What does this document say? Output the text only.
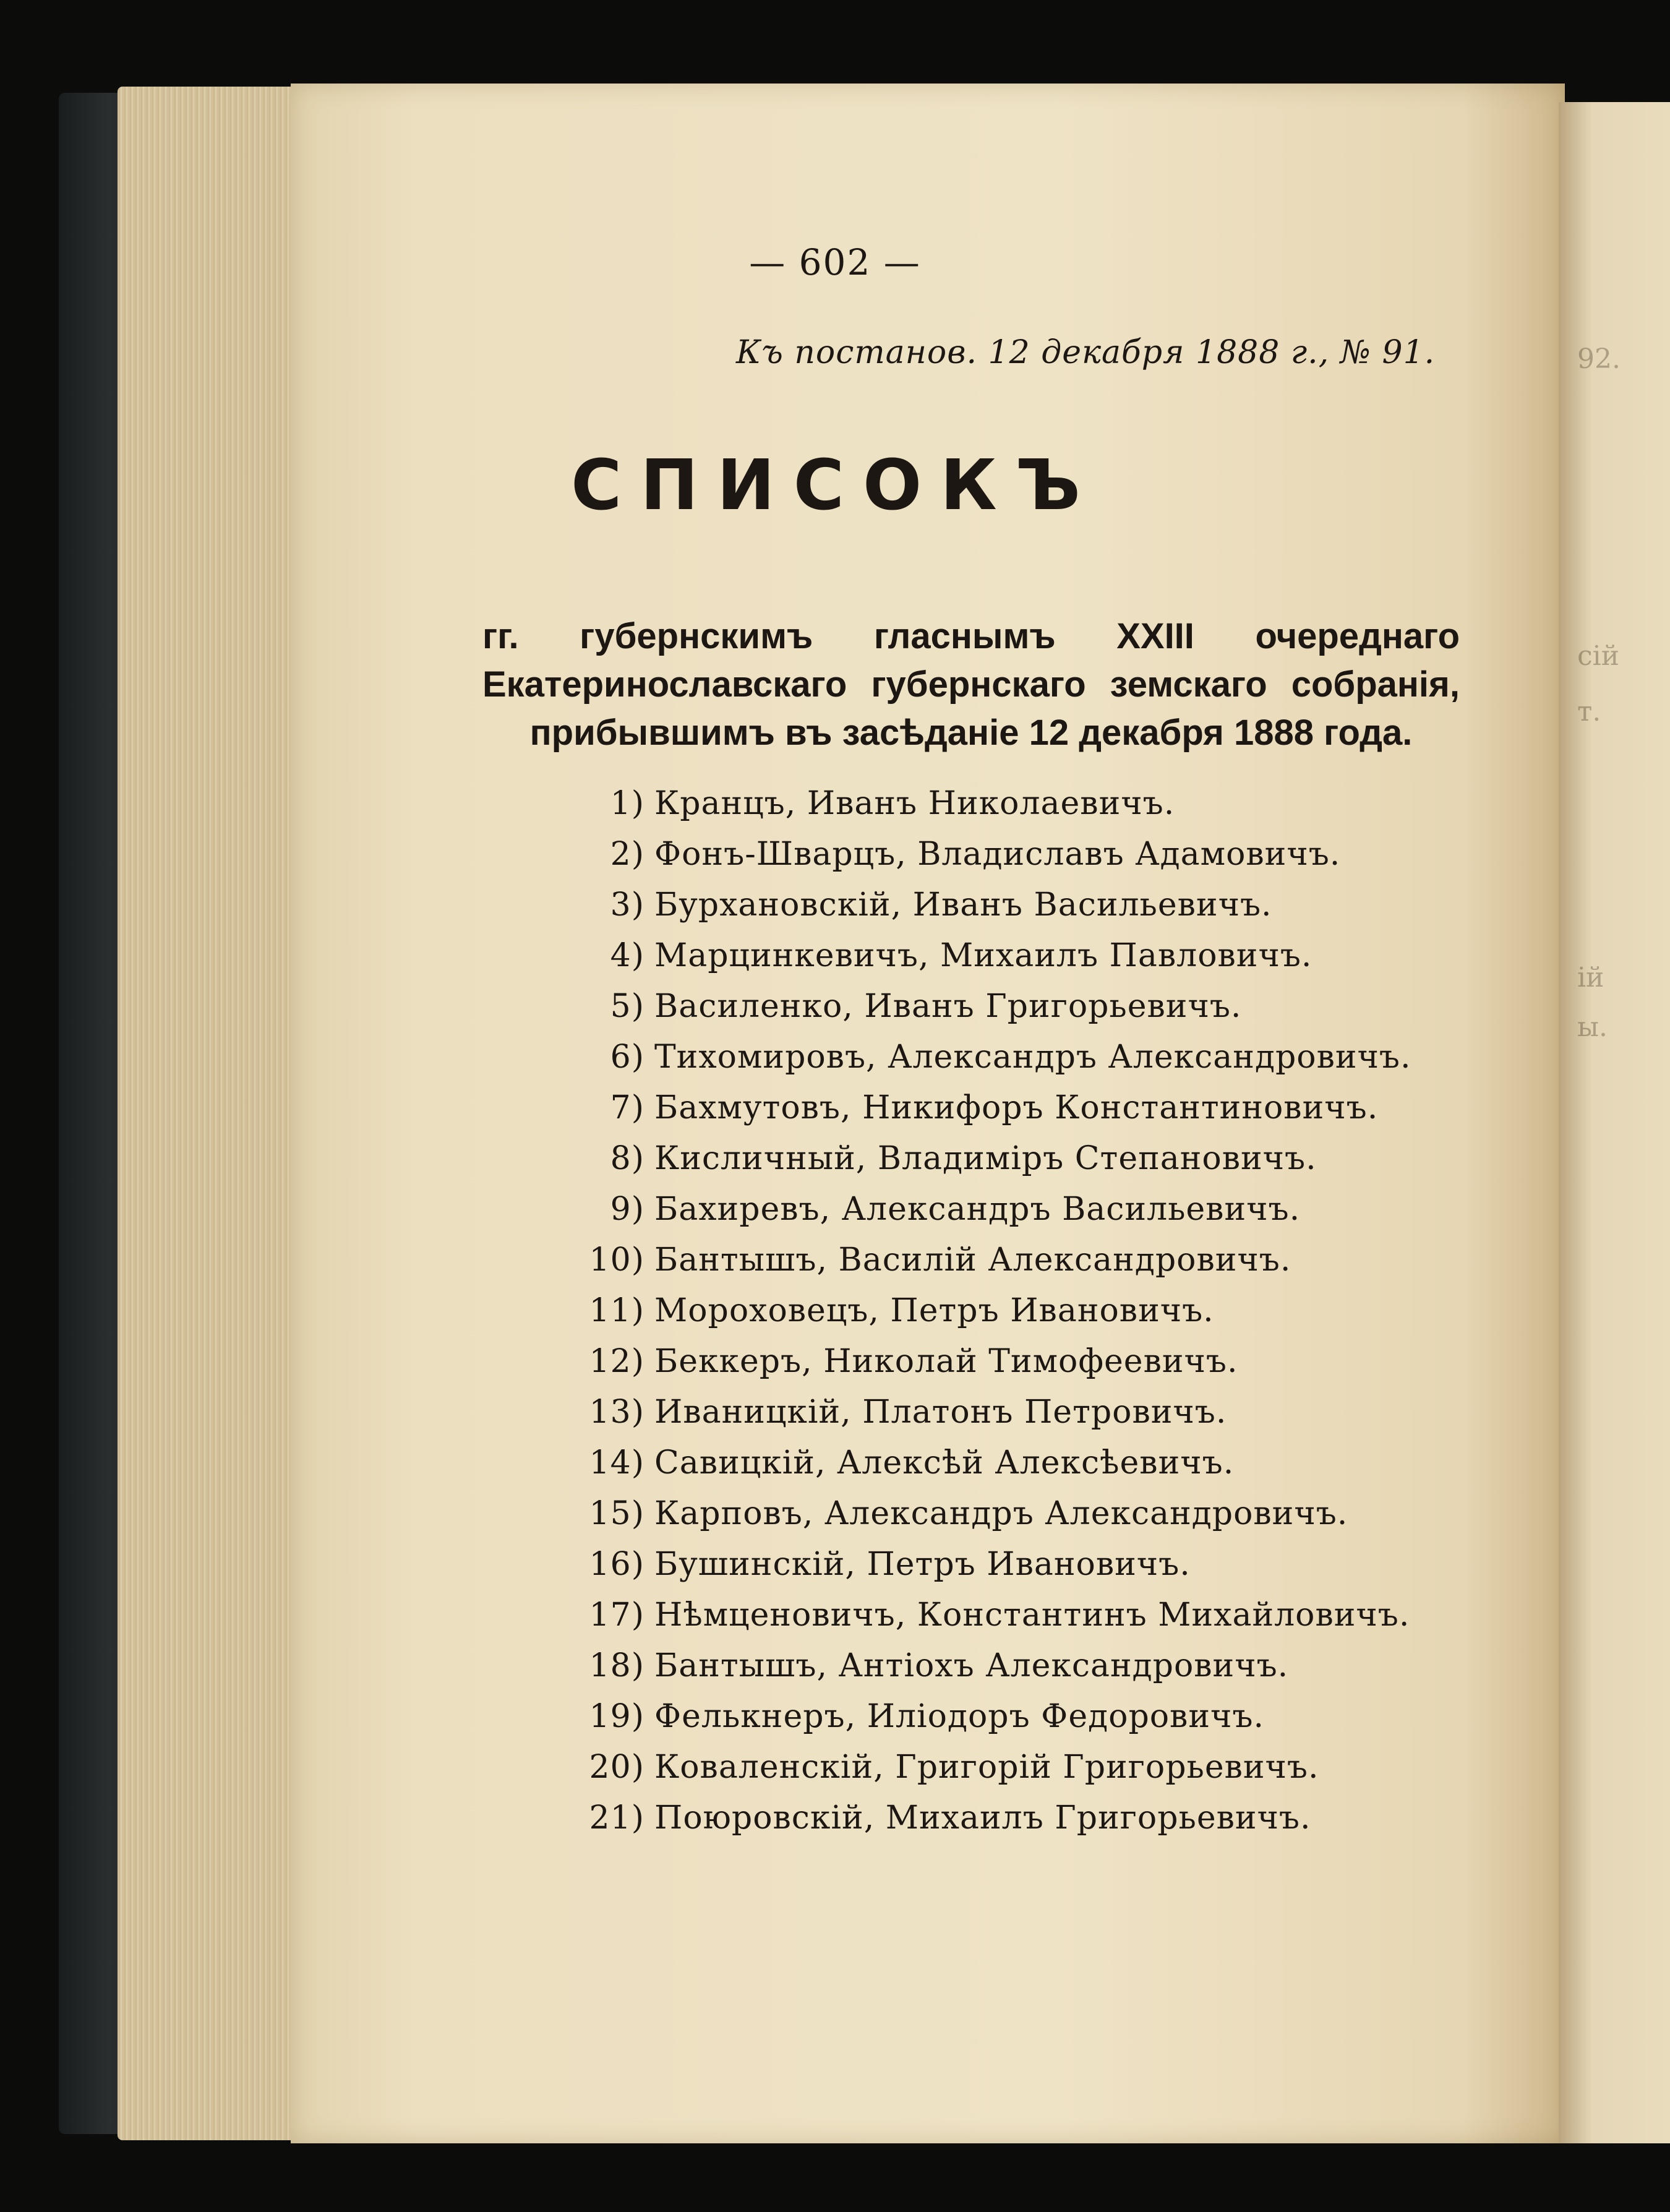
92.
сій
т.
ій
ы.
— 602 —
Къ постанов. 12 декабря 1888 г., № 91.
СПИСОКЪ
гг. губернскимъ гласнымъ XXIII очереднаго Екатеринославскаго губернскаго земскаго собранія, прибывшимъ въ засѣданіе 12 декабря 1888 года.
1) Кранцъ, Иванъ Николаевичъ.
2) Фонъ-Шварцъ, Владиславъ Адамовичъ.
3) Бурхановскій, Иванъ Васильевичъ.
4) Марцинкевичъ, Михаилъ Павловичъ.
5) Василенко, Иванъ Григорьевичъ.
6) Тихомировъ, Александръ Александровичъ.
7) Бахмутовъ, Никифоръ Константиновичъ.
8) Кисличный, Владиміръ Степановичъ.
9) Бахиревъ, Александръ Васильевичъ.
10) Бантышъ, Василій Александровичъ.
11) Мороховецъ, Петръ Ивановичъ.
12) Беккеръ, Николай Тимофеевичъ.
13) Иваницкій, Платонъ Петровичъ.
14) Савицкій, Алексѣй Алексѣевичъ.
15) Карповъ, Александръ Александровичъ.
16) Бушинскій, Петръ Ивановичъ.
17) Нѣмценовичъ, Константинъ Михайловичъ.
18) Бантышъ, Антіохъ Александровичъ.
19) Фелькнеръ, Иліодоръ Федоровичъ.
20) Коваленскій, Григорій Григорьевичъ.
21) Поюровскій, Михаилъ Григорьевичъ.
